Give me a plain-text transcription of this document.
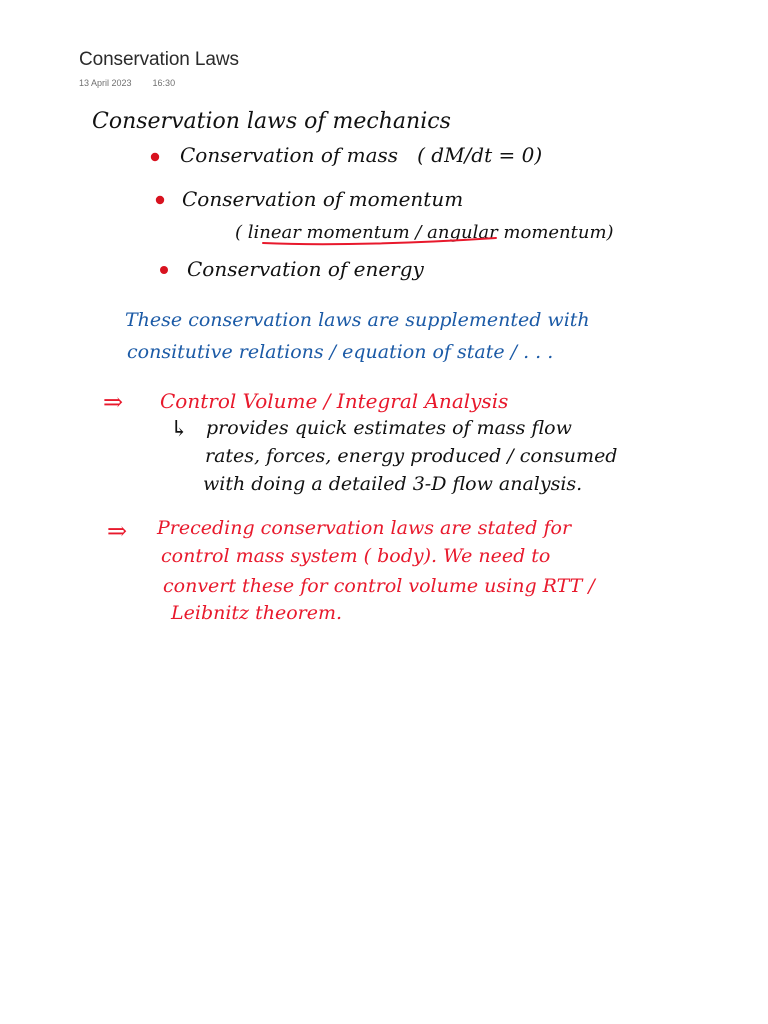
Conservation Laws
13 April 2023 16:30
Conservation laws of mechanics
Conservation of mass   ( dM/dt = 0)
Conservation of momentum
( linear momentum / angular momentum)
Conservation of energy
These conservation laws are supplemented with
consitutive relations / equation of state / . . .
⇒ Control Volume / Integral Analysis
↳ provides quick estimates of mass flow
rates, forces, energy produced / consumed
with doing a detailed 3-D flow analysis.
⇒ Preceding conservation laws are stated for
control mass system ( body). We need to
convert these for control volume using RTT /
Leibnitz theorem.
